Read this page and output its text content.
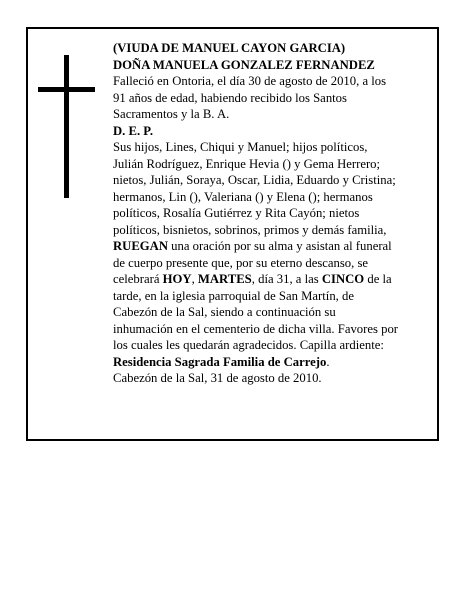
(VIUDA DE MANUEL CAYON GARCIA)
DOÑA MANUELA GONZALEZ FERNANDEZ
Falleció en Ontoria, el día 30 de agosto de 2010, a los
91 años de edad, habiendo recibido los Santos
Sacramentos y la B. A.
D. E. P.
Sus hijos, Lines, Chiqui y Manuel; hijos políticos,
Julián Rodríguez, Enrique Hevia () y Gema Herrero;
nietos, Julián, Soraya, Oscar, Lidia, Eduardo y Cristina;
hermanos, Lin (), Valeriana () y Elena (); hermanos
políticos, Rosalía Gutiérrez y Rita Cayón; nietos
políticos, bisnietos, sobrinos, primos y demás familia,
RUEGAN una oración por su alma y asistan al funeral
de cuerpo presente que, por su eterno descanso, se
celebrará HOY, MARTES, día 31, a las CINCO de la
tarde, en la iglesia parroquial de San Martín, de
Cabezón de la Sal, siendo a continuación su
inhumación en el cementerio de dicha villa. Favores por
los cuales les quedarán agradecidos. Capilla ardiente:
Residencia Sagrada Familia de Carrejo.
Cabezón de la Sal, 31 de agosto de 2010.
